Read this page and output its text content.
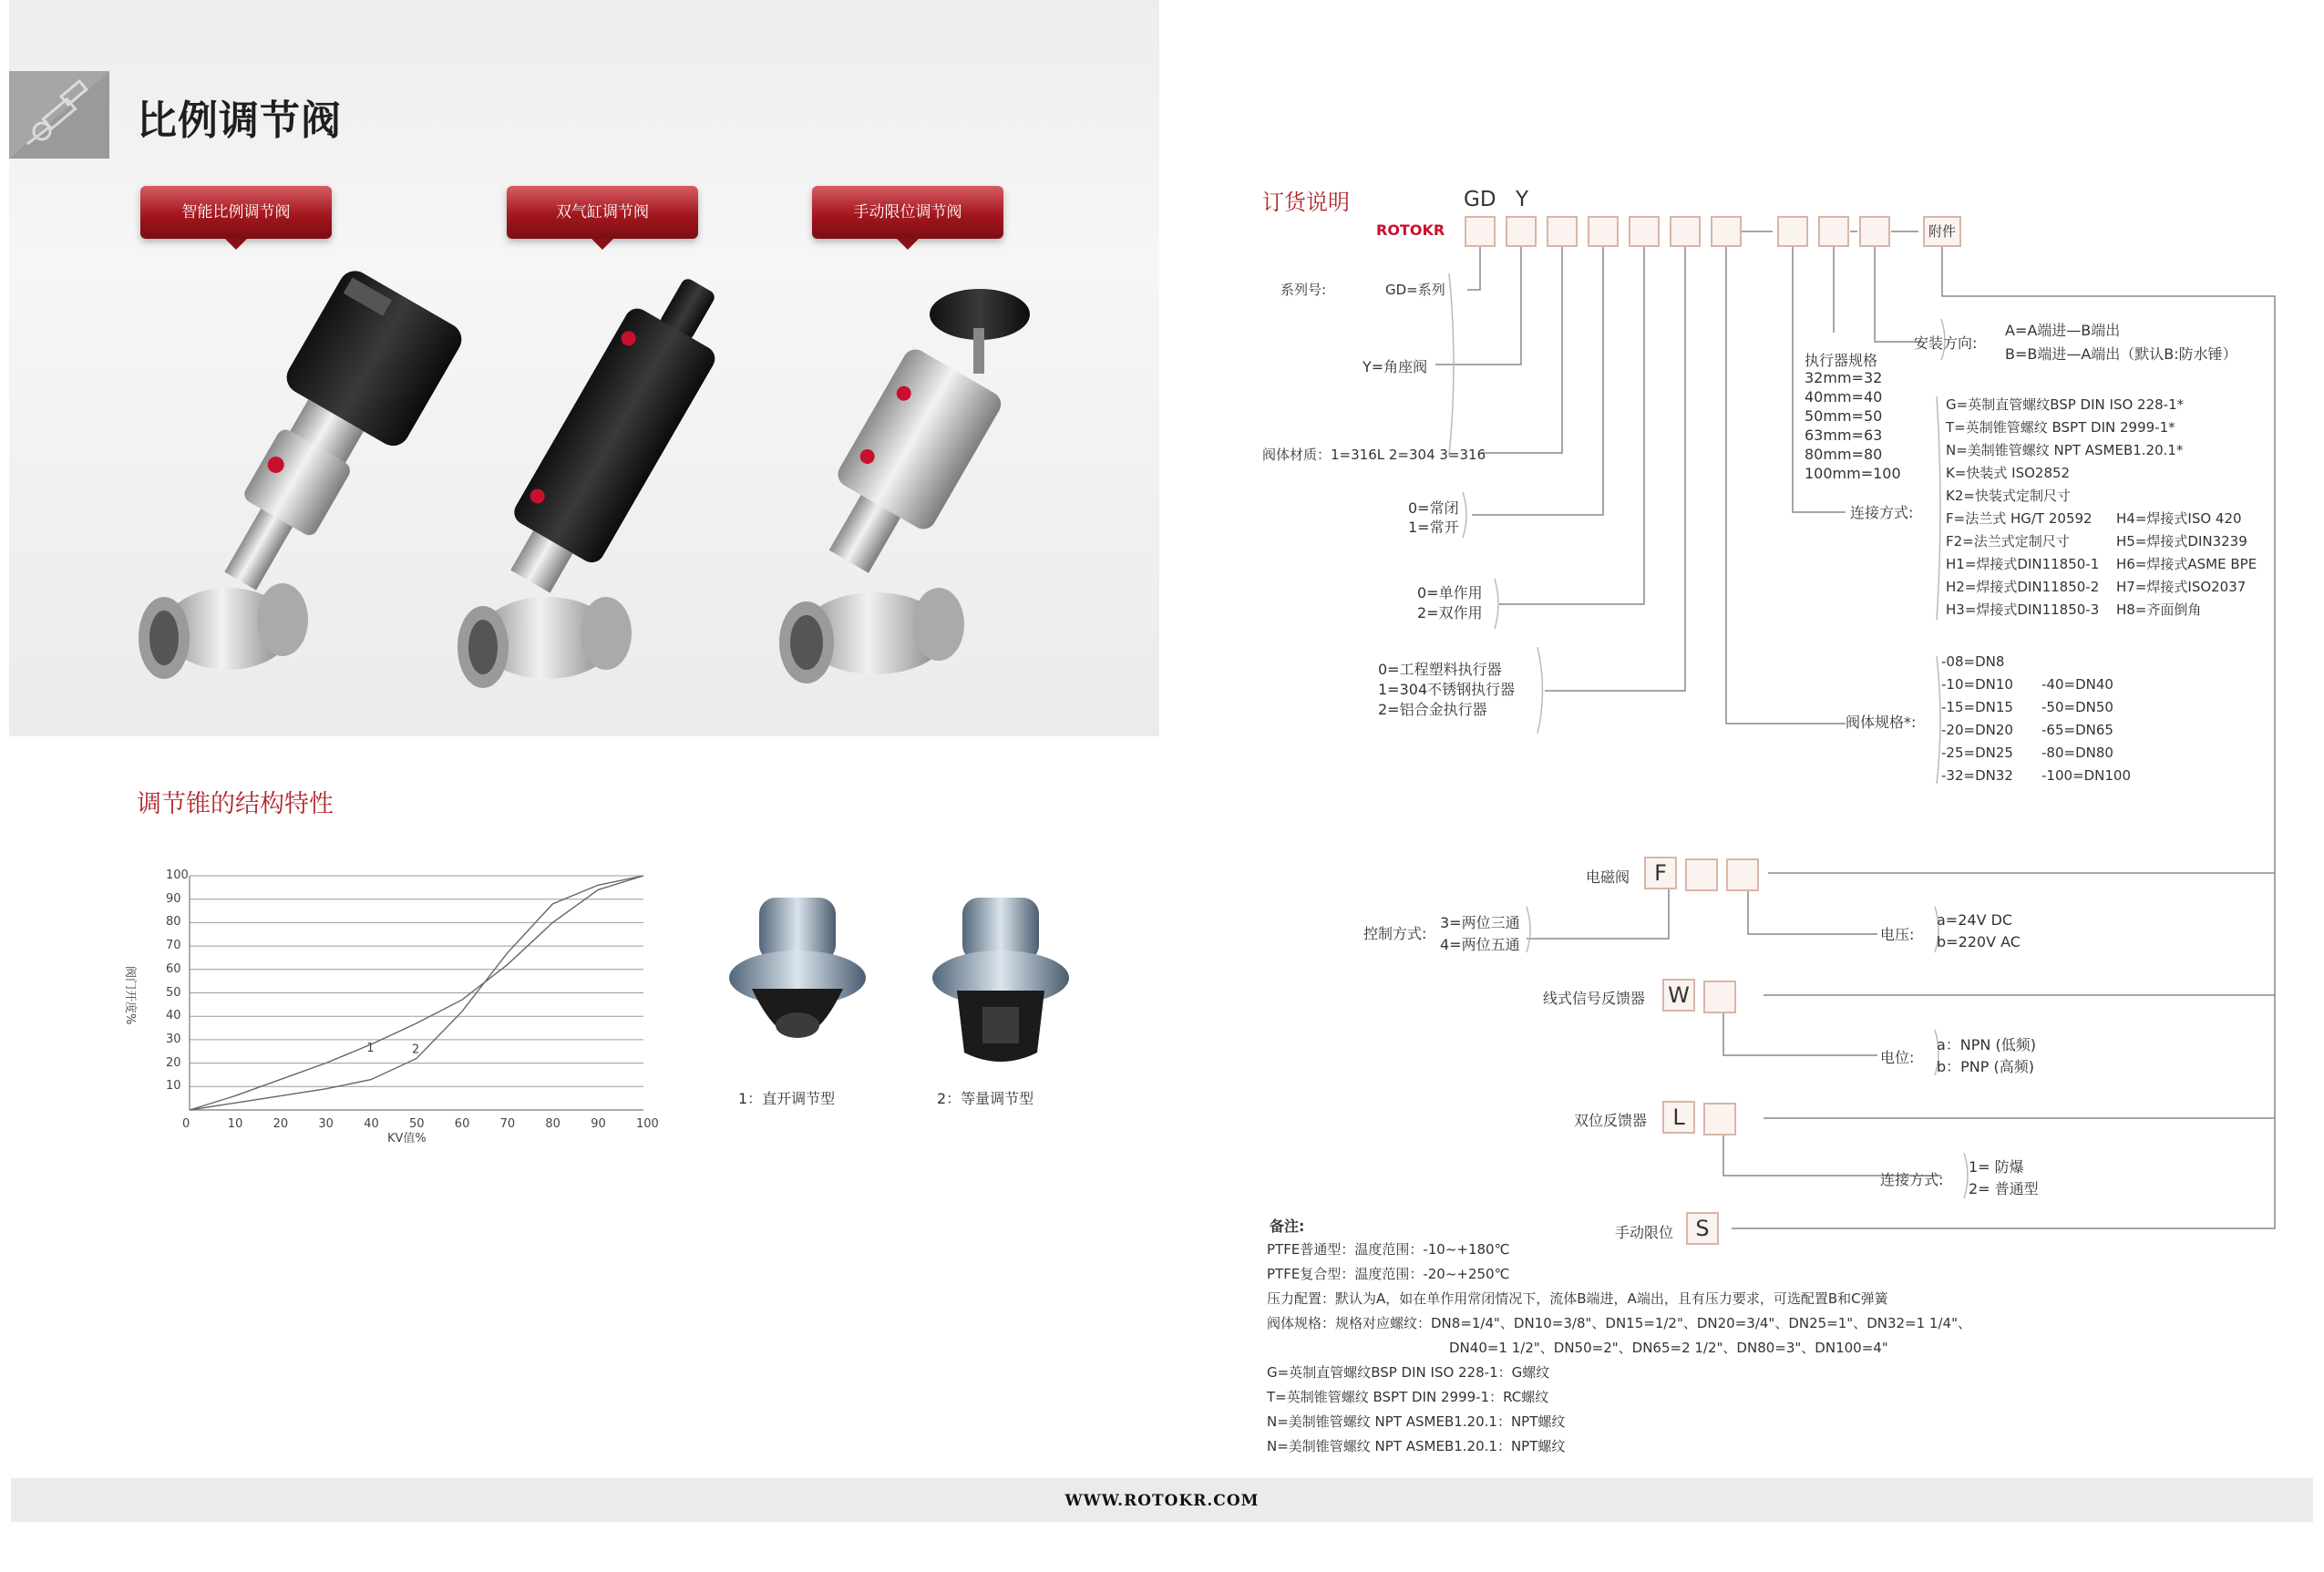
比例调节阀
智能比例调节阀	双气缸调节阀	手动限位调节阀
调节锥的结构特性
1	2
0	10	20	30	40	50	60	70	80	90	100
10
20
30
40
50
60
70
80
90
100
KV值%
阀门开度%
1：直开调节型	2：等量调节型
订货说明
ROTOKR
GD Y
附件
系列号:	GD=系列
Y=角座阀
阀体材质：1=316L 2=304 3=316
0=常闭
1=常开
0=单作用
2=双作用
0=工程塑料执行器
1=304不锈钢执行器
2=铝合金执行器
执行器规格
32mm=32
40mm=40
50mm=50
63mm=63
80mm=80
100mm=100
安装方向:
A=A端进—B端出
B=B端进—A端出（默认B:防水锤）
连接方式:
G=英制直管螺纹BSP DIN ISO 228-1*
T=英制锥管螺纹 BSPT DIN 2999-1*
N=美制锥管螺纹 NPT ASMEB1.20.1*
K=快装式 ISO2852
K2=快装式定制尺寸
F=法兰式 HG/T 20592
F2=法兰式定制尺寸
H1=焊接式DIN11850-1
H2=焊接式DIN11850-2
H3=焊接式DIN11850-3
H4=焊接式ISO 420
H5=焊接式DIN3239
H6=焊接式ASME BPE
H7=焊接式ISO2037
H8=齐面倒角
阀体规格*:
-08=DN8
-10=DN10
-15=DN15
-20=DN20
-25=DN25
-32=DN32
-40=DN40
-50=DN50
-65=DN65
-80=DN80
-100=DN100
电磁阀	F
控制方式:
3=两位三通
4=两位五通
电压:
a=24V DC
b=220V AC
线式信号反馈器 W
电位:
a：NPN (低频)
b：PNP (高频)
双位反馈器	L
连接方式:
1= 防爆
2= 普通型
手动限位	S
备注:
PTFE普通型：温度范围：-10~+180℃
PTFE复合型：温度范围：-20~+250℃
压力配置：默认为A，如在单作用常闭情况下，流体B端进，A端出，且有压力要求，可选配置B和C弹簧
阀体规格：规格对应螺纹：DN8=1/4"、DN10=3/8"、DN15=1/2"、DN20=3/4"、DN25=1"、DN32=1 1/4"、
DN40=1 1/2"、DN50=2"、DN65=2 1/2"、DN80=3"、DN100=4"
G=英制直管螺纹BSP DIN ISO 228-1：G螺纹
T=英制锥管螺纹 BSPT DIN 2999-1：RC螺纹
N=美制锥管螺纹 NPT ASMEB1.20.1：NPT螺纹
N=美制锥管螺纹 NPT ASMEB1.20.1：NPT螺纹
WWW.ROTOKR.COM
